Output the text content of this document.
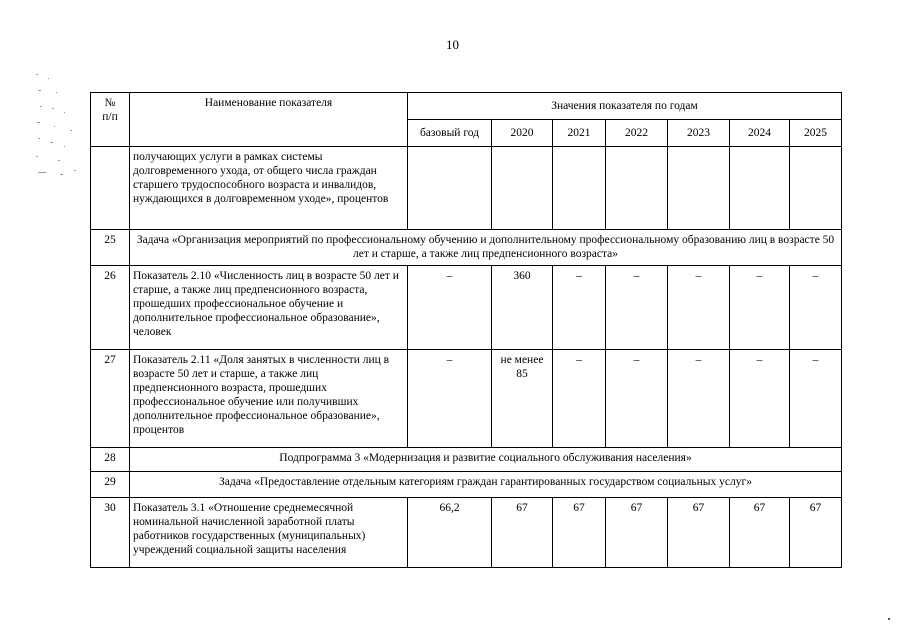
10
№
п/п	Наименование показателя	Значения показателя по годам						
		базовый год	2020	2021	2022	2023	2024	2025
	получающих услуги в рамках системы долговременного ухода, от общего числа граждан старшего трудоспособного возраста и инвалидов, нуждающихся в долговременном уходе», процентов							
25	Задача «Организация мероприятий по профессиональному обучению и дополнительному профессиональному образованию лиц в возрасте 50 лет и старше, а также лиц предпенсионного возраста»							
26	Показатель 2.10 «Численность лиц в возрасте 50 лет и старше, а также лиц предпенсионного возраста, прошедших профессиональное обучение и дополнительное профессиональное образование», человек	–	360	–	–	–	–	–
27	Показатель 2.11 «Доля занятых в численности лиц в возрасте 50 лет и старше, а также лиц предпенсионного возраста, прошедших профессиональное обучение или получивших дополнительное профессиональное образование», процентов	–	не менее 85	–	–	–	–	–
28	Подпрограмма 3 «Модернизация и развитие социального обслуживания населения»							
29	Задача «Предоставление отдельным категориям граждан гарантированных государством социальных услуг»							
30	Показатель 3.1 «Отношение среднемесячной номинальной начисленной заработной платы работников государственных (муниципальных) учреждений социальной защиты населения	66,2	67	67	67	67	67	67
